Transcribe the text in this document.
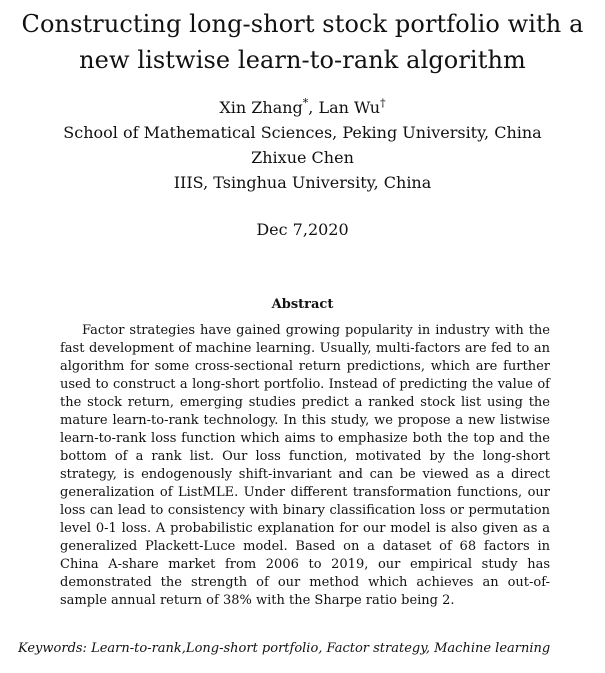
Constructing long-short stock portfolio with a new listwise learn-to-rank algorithm
Xin Zhang*, Lan Wu†
School of Mathematical Sciences, Peking University, China
Zhixue Chen
IIIS, Tsinghua University, China
Dec 7,2020
Abstract
Factor strategies have gained growing popularity in industry with the fast development of machine learning. Usually, multi-factors are fed to an algorithm for some cross-sectional return predictions, which are further used to construct a long-short portfolio. Instead of predicting the value of the stock return, emerging studies predict a ranked stock list using the mature learn-to-rank technology. In this study, we propose a new listwise learn-to-rank loss function which aims to emphasize both the top and the bottom of a rank list. Our loss function, motivated by the long-short strategy, is endogenously shift-invariant and can be viewed as a direct generalization of ListMLE. Under different transformation functions, our loss can lead to consistency with binary classification loss or permutation level 0-1 loss. A probabilistic explanation for our model is also given as a generalized Plackett-Luce model. Based on a dataset of 68 factors in China A-share market from 2006 to 2019, our empirical study has demonstrated the strength of our method which achieves an out-of-sample annual return of 38% with the Sharpe ratio being 2.
Keywords: Learn-to-rank,Long-short portfolio, Factor strategy, Machine learning
